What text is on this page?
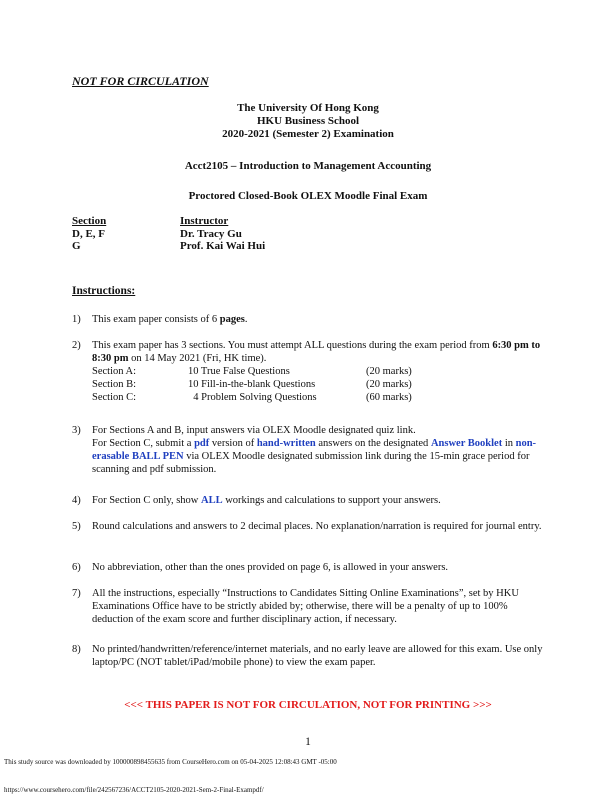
NOT FOR CIRCULATION
The University Of Hong Kong
HKU Business School
2020-2021 (Semester 2) Examination
Acct2105 – Introduction to Management Accounting
Proctored Closed-Book OLEX Moodle Final Exam
Section	Instructor
D, E, F	Dr. Tracy Gu
G	Prof. Kai Wai Hui
Instructions:
1) This exam paper consists of 6 pages.
2) This exam paper has 3 sections. You must attempt ALL questions during the exam period from 6:30 pm to 8:30 pm on 14 May 2021 (Fri, HK time).
Section A:	10 True False Questions	(20 marks)
Section B:	10 Fill-in-the-blank Questions	(20 marks)
Section C:	4 Problem Solving Questions	(60 marks)
3) For Sections A and B, input answers via OLEX Moodle designated quiz link.
For Section C, submit a pdf version of hand-written answers on the designated Answer Booklet in non-erasable BALL PEN via OLEX Moodle designated submission link during the 15-min grace period for scanning and pdf submission.
4) For Section C only, show ALL workings and calculations to support your answers.
5) Round calculations and answers to 2 decimal places. No explanation/narration is required for journal entry.
6) No abbreviation, other than the ones provided on page 6, is allowed in your answers.
7) All the instructions, especially “Instructions to Candidates Sitting Online Examinations”, set by HKU Examinations Office have to be strictly abided by; otherwise, there will be a penalty of up to 100% deduction of the exam score and further disciplinary action, if necessary.
8) No printed/handwritten/reference/internet materials, and no early leave are allowed for this exam. Use only laptop/PC (NOT tablet/iPad/mobile phone) to view the exam paper.
<<< THIS PAPER IS NOT FOR CIRCULATION, NOT FOR PRINTING >>>
1
This study source was downloaded by 100000898455635 from CourseHero.com on 05-04-2025 12:08:43 GMT -05:00
https://www.coursehero.com/file/242567236/ACCT2105-2020-2021-Sem-2-Final-Exampdf/
